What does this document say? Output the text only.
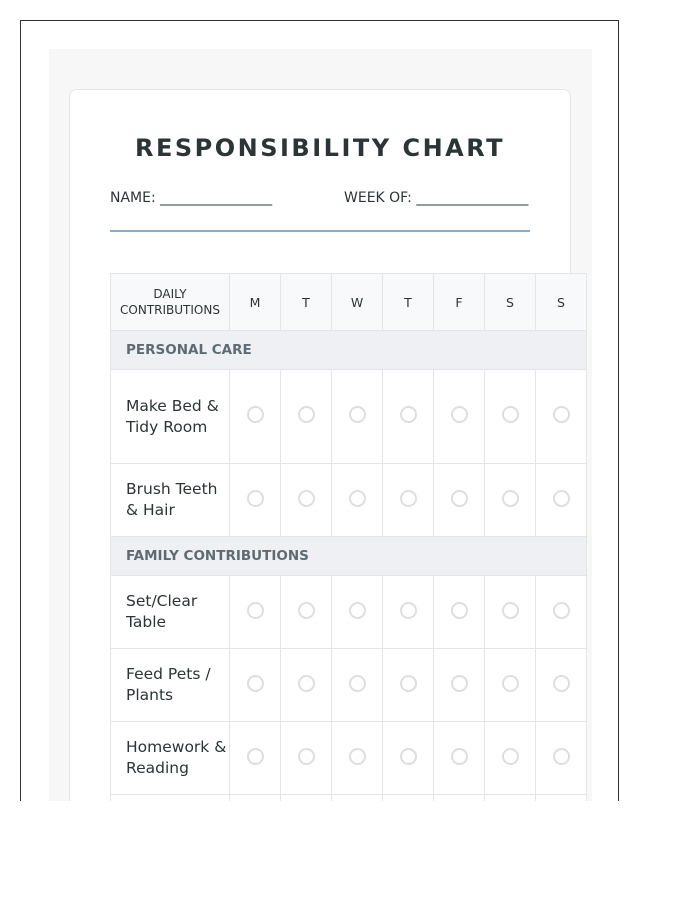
RESPONSIBILITY CHART
NAME: ________________	WEEK OF: ________________
DAILY CONTRIBUTIONS	M	T	W	T	F	S	S
PERSONAL CARE							
Make Bed & Tidy Room							
Brush Teeth & Hair							
FAMILY CONTRIBUTIONS							
Set/Clear Table							
Feed Pets / Plants							
Homework & Reading							
